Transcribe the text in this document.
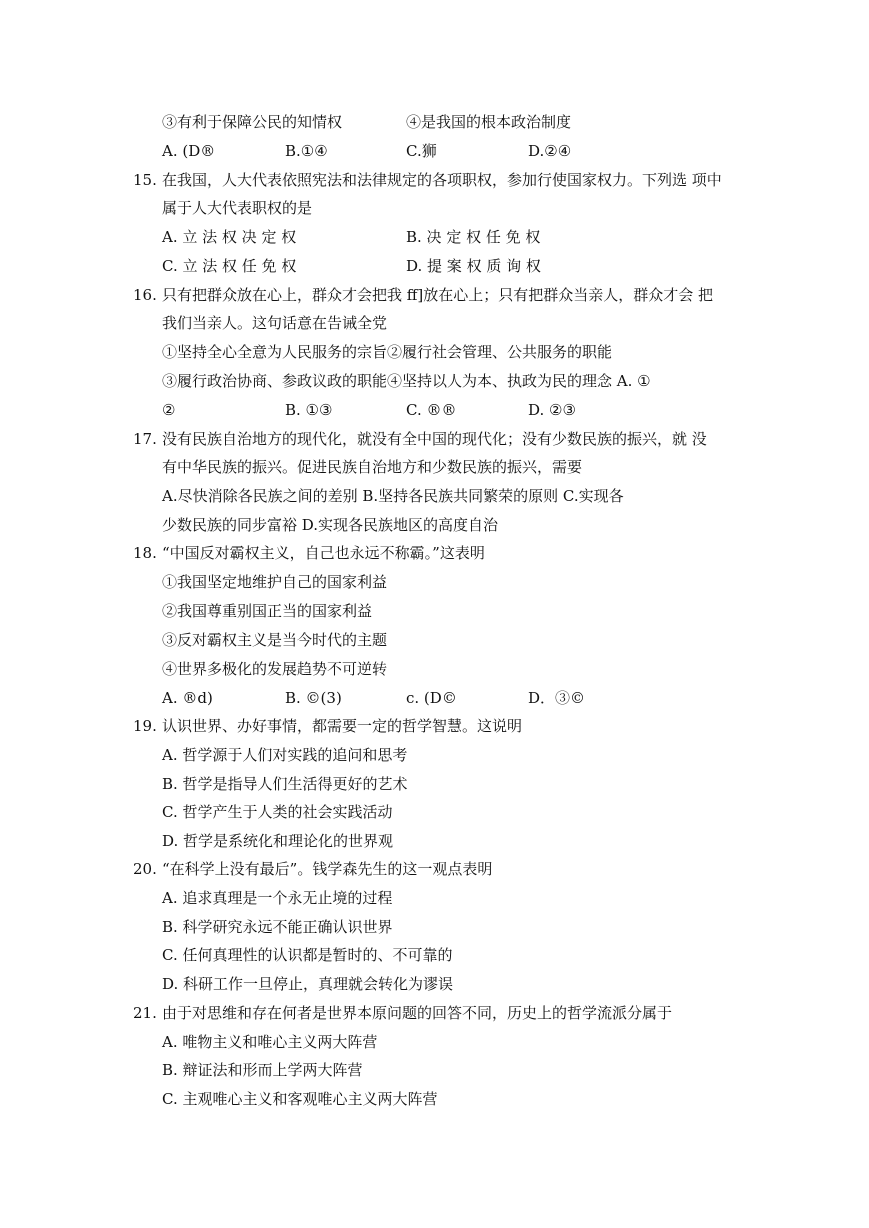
③有利于保障公民的知情权	④是我国的根本政治制度
A. (D®	B.①④	C.狮	D.②④
15. 在我国，人大代表依照宪法和法律规定的各项职权，参加行使国家权力。下列选 项中
属于人大代表职权的是
A. 立 法 权 决 定 权	B. 决 定 权 任 免 权
C. 立 法 权 任 免 权	D. 提 案 权 质 询 权
16. 只有把群众放在心上，群众才会把我 ff]放在心上；只有把群众当亲人，群众才会 把
我们当亲人。这句话意在告诫全党
①坚持全心全意为人民服务的宗旨②履行社会管理、公共服务的职能
③履行政治协商、参政议政的职能④坚持以人为本、执政为民的理念 A. ①
②	B. ①③	C. ®®	D. ②③
17. 没有民族自治地方的现代化，就没有全中国的现代化；没有少数民族的振兴，就 没
有中华民族的振兴。促进民族自治地方和少数民族的振兴，需要
A.尽快消除各民族之间的差别 B.坚持各民族共同繁荣的原则 C.实现各
少数民族的同步富裕 D.实现各民族地区的高度自治
18. “中国反对霸权主义，自己也永远不称霸。”这表明
①我国坚定地维护自己的国家利益
②我国尊重别国正当的国家利益
③反对霸权主义是当今时代的主题
④世界多极化的发展趋势不可逆转
A. ®d)	B. ©(3)	c. (D©	D．③©
19. 认识世界、办好事情，都需要一定的哲学智慧。这说明
A. 哲学源于人们对实践的追问和思考
B. 哲学是指导人们生活得更好的艺术
C. 哲学产生于人类的社会实践活动
D. 哲学是系统化和理论化的世界观
20. “在科学上没有最后”。钱学森先生的这一观点表明
A. 追求真理是一个永无止境的过程
B. 科学研究永远不能正确认识世界
C. 任何真理性的认识都是暂时的、不可靠的
D. 科研工作一旦停止，真理就会转化为谬误
21. 由于对思维和存在何者是世界本原问题的回答不同，历史上的哲学流派分属于
A. 唯物主义和唯心主义两大阵营
B. 辩证法和形而上学两大阵营
C. 主观唯心主义和客观唯心主义两大阵营
